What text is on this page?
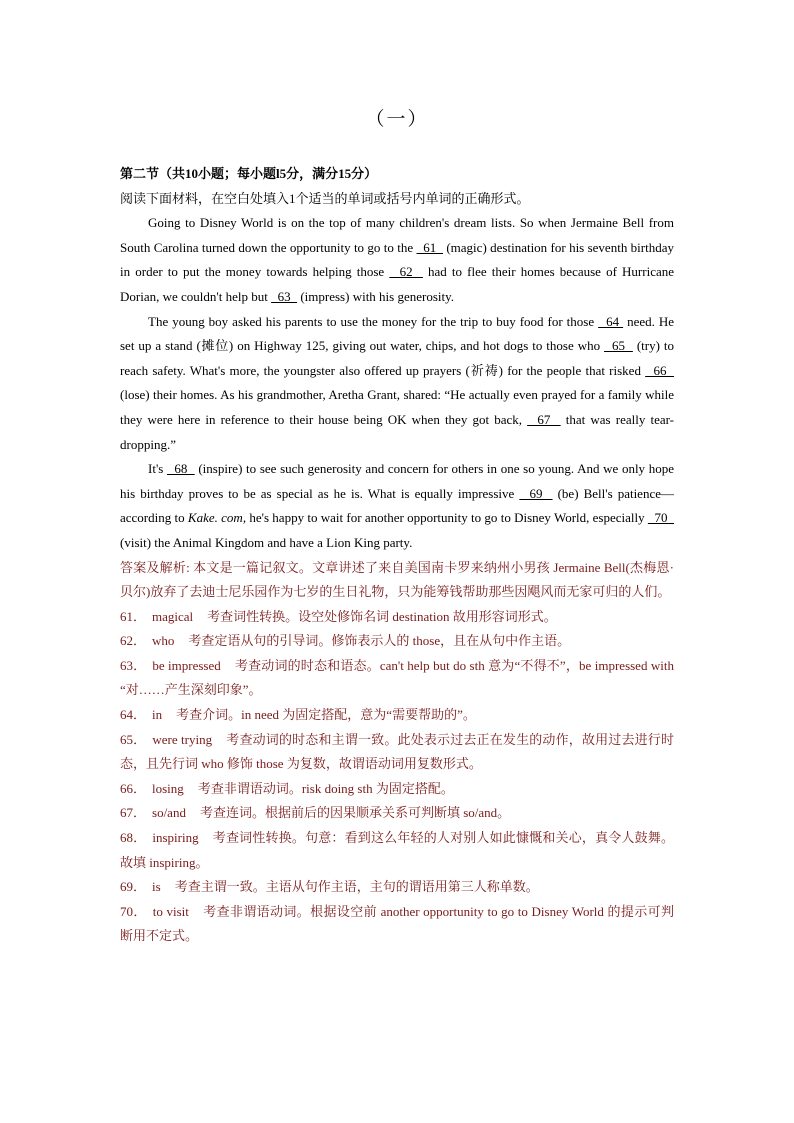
（一）

第二节（共10小题；每小题l5分，满分15分）

阅读下面材料，在空白处填入1个适当的单词或括号内单词的正确形式。

Going to Disney World is on the top of many children's dream lists. So when Jermaine Bell from South Carolina turned down the opportunity to go to the   61   (magic) destination for his seventh birthday in order to put the money towards helping those   62   had to flee their homes because of Hurricane Dorian, we couldn't help but   63   (impress) with his generosity.

The young boy asked his parents to use the money for the trip to buy food for those   64  need. He set up a stand (摊位) on Highway 125, giving out water, chips, and hot dogs to those who   65   (try) to reach safety. What's more, the youngster also offered up prayers (祈祷) for the people that risked   66   (lose) their homes. As his grandmother, Aretha Grant, shared: “He actually even prayed for a family while they were here in reference to their house being OK when they got back,   67   that was really tear-dropping.”

It's   68   (inspire) to see such generosity and concern for others in one so young. And we only hope his birthday proves to be as special as he is. What is equally impressive   69   (be) Bell's patience—according to Kake. com, he's happy to wait for another opportunity to go to Disney World, especially   70   (visit) the Animal Kingdom and have a Lion King party.

答案及解析: 本文是一篇记叙文。文章讲述了来自美国南卡罗来纳州小男孩 Jermaine Bell(杰梅恩·贝尔)放弃了去迪士尼乐园作为七岁的生日礼物，只为能筹钱帮助那些因飓风而无家可归的人们。

61． magical 考查词性转换。设空处修饰名词 destination 故用形容词形式。

62． who 考查定语从句的引导词。修饰表示人的 those，且在从句中作主语。

63． be impressed 考查动词的时态和语态。can't help but do sth 意为“不得不”，be impressed with “对……产生深刻印象”。

64． in 考查介词。in need 为固定搭配，意为“需要帮助的”。

65． were trying 考查动词的时态和主谓一致。此处表示过去正在发生的动作，故用过去进行时态，且先行词 who 修饰 those 为复数，故谓语动词用复数形式。

66． losing 考查非谓语动词。risk doing sth 为固定搭配。

67． so/and 考查连词。根据前后的因果顺承关系可判断填 so/and。

68． inspiring 考查词性转换。句意：看到这么年轻的人对别人如此慷慨和关心，真令人鼓舞。故填 inspiring。

69． is 考查主谓一致。主语从句作主语，主句的谓语用第三人称单数。

70． to visit 考查非谓语动词。根据设空前 another opportunity to go to Disney World 的提示可判断用不定式。
